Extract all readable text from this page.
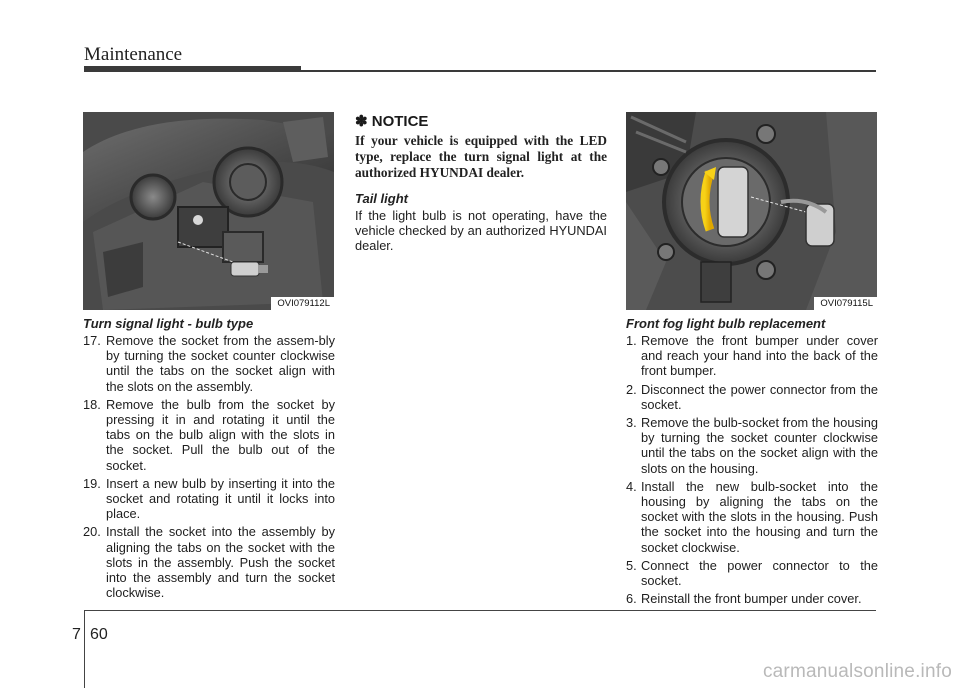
Maintenance
OVI079112L
Turn signal light - bulb type
17. Remove the socket from the assem-bly by turning the socket counter clockwise until the tabs on the socket align with the slots on the assembly.
18. Remove the bulb from the socket by pressing it in and rotating it until the tabs on the bulb align with the slots in the socket. Pull the bulb out of the socket.
19. Insert a new bulb by inserting it into the socket and rotating it until it locks into place.
20. Install the socket into the assembly by aligning the tabs on the socket with the slots in the assembly. Push the socket into the assembly and turn the socket clockwise.
✽ NOTICE

If your vehicle is equipped with the LED type, replace the turn signal light at the authorized HYUNDAI dealer.

Tail light

If the light bulb is not operating, have the vehicle checked by an authorized HYUNDAI dealer.

OVI079115L
Front fog light bulb replacement
1. Remove the front bumper under cover and reach your hand into the back of the front bumper.
2. Disconnect the power connector from the socket.
3. Remove the bulb-socket from the housing by turning the socket counter clockwise until the tabs on the socket align with the slots on the housing.
4. Install the new bulb-socket into the housing by aligning the tabs on the socket with the slots in the housing. Push the socket into the housing and turn the socket clockwise.
5. Connect the power connector to the socket.
6. Reinstall the front bumper under cover.
7 60
carmanualsonline.info
